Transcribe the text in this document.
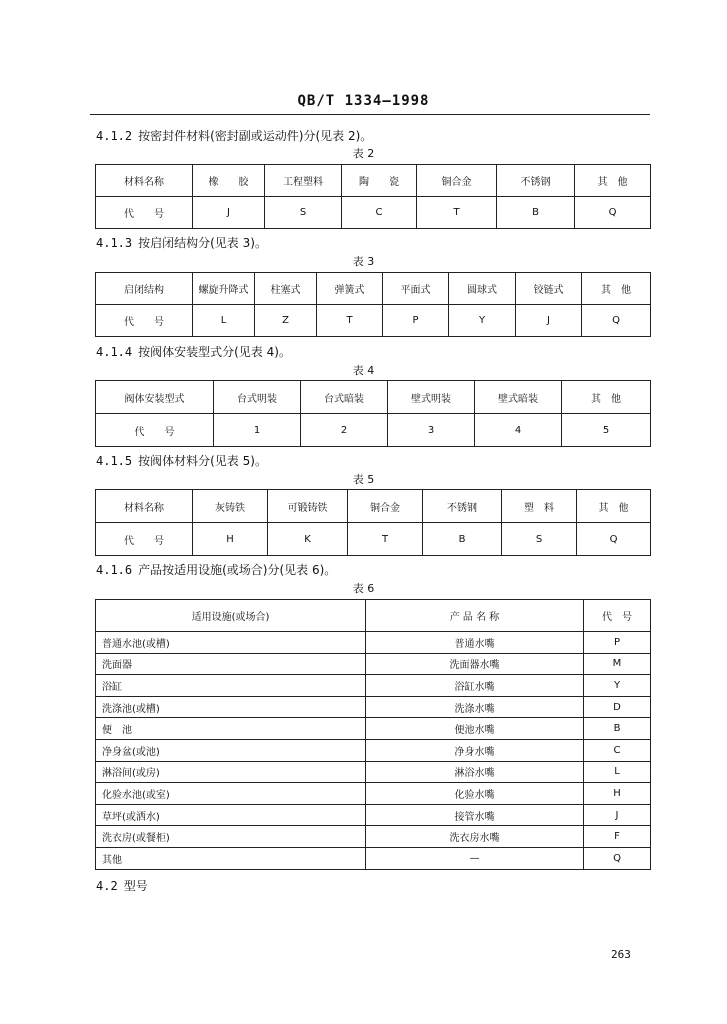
QB/T 1334—1998
4.1.2 按密封件材料(密封副或运动件)分(见表 2)。
表 2
材料名称	橡　　胶	工程塑料	陶　　瓷	铜合金	不锈钢	其　他
代　　号	J	S	C	T	B	Q
4.1.3 按启闭结构分(见表 3)。
表 3
启闭结构	螺旋升降式	柱塞式	弹簧式	平面式	圆球式	铰链式	其　他
代　　号	L	Z	T	P	Y	J	Q
4.1.4 按阀体安装型式分(见表 4)。
表 4
阀体安装型式	台式明装	台式暗装	壁式明装	壁式暗装	其　他
代　　号	1	2	3	4	5
4.1.5 按阀体材料分(见表 5)。
表 5
材料名称	灰铸铁	可锻铸铁	铜合金	不锈钢	塑　料	其　他
代　　号	H	K	T	B	S	Q
4.1.6 产品按适用设施(或场合)分(见表 6)。
表 6
适用设施(或场合)	产 品 名 称	代　号
普通水池(或槽)	普通水嘴	P
洗面器	洗面器水嘴	M
浴缸	浴缸水嘴	Y
洗涤池(或槽)	洗涤水嘴	D
便　池	便池水嘴	B
净身盆(或池)	净身水嘴	C
淋浴间(或房)	淋浴水嘴	L
化验水池(或室)	化验水嘴	H
草坪(或洒水)	接管水嘴	J
洗衣房(或餐柜)	洗衣房水嘴	F
其他	—	Q
4.2 型号
263
